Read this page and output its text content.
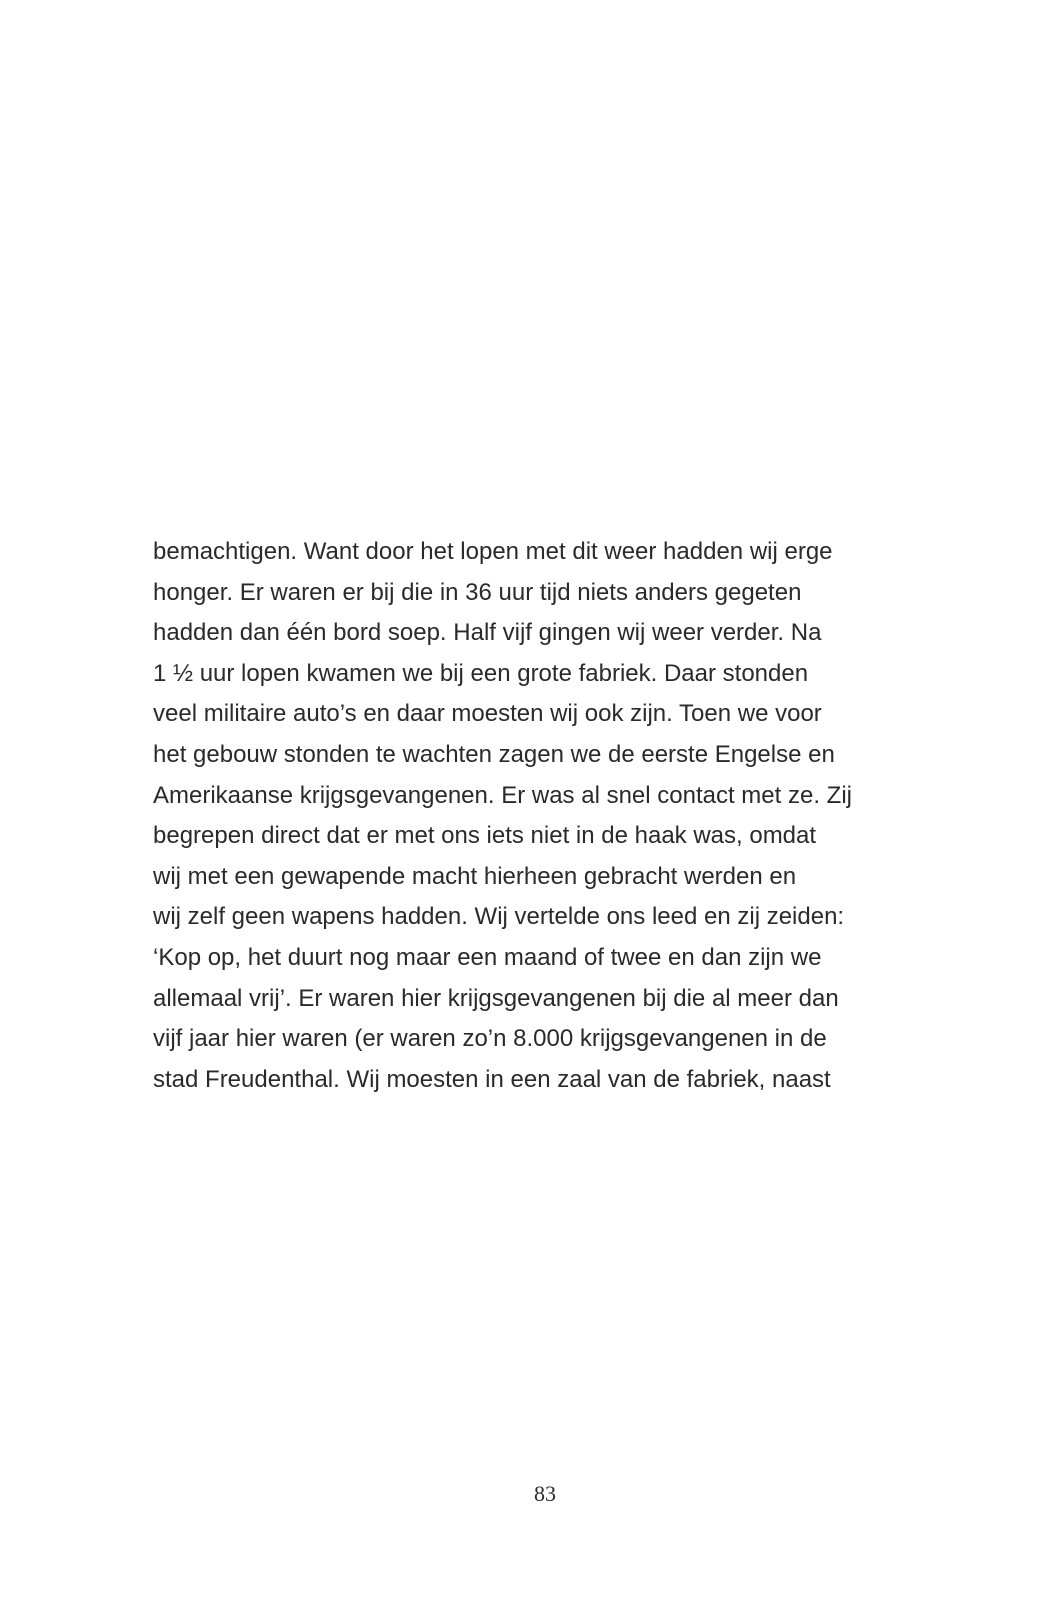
bemachtigen. Want door het lopen met dit weer hadden wij erge
honger. Er waren er bij die in 36 uur tijd niets anders gegeten
hadden dan één bord soep. Half vijf gingen wij weer verder. Na
1 ½ uur lopen kwamen we bij een grote fabriek. Daar stonden
veel militaire auto’s en daar moesten wij ook zijn. Toen we voor
het gebouw stonden te wachten zagen we de eerste Engelse en
Amerikaanse krijgsgevangenen. Er was al snel contact met ze. Zij
begrepen direct dat er met ons iets niet in de haak was, omdat
wij met een gewapende macht hierheen gebracht werden en
wij zelf geen wapens hadden. Wij vertelde ons leed en zij zeiden:
‘Kop op, het duurt nog maar een maand of twee en dan zijn we
allemaal vrij’. Er waren hier krijgsgevangenen bij die al meer dan
vijf jaar hier waren (er waren zo’n 8.000 krijgsgevangenen in de
stad Freudenthal. Wij moesten in een zaal van de fabriek, naast
83
